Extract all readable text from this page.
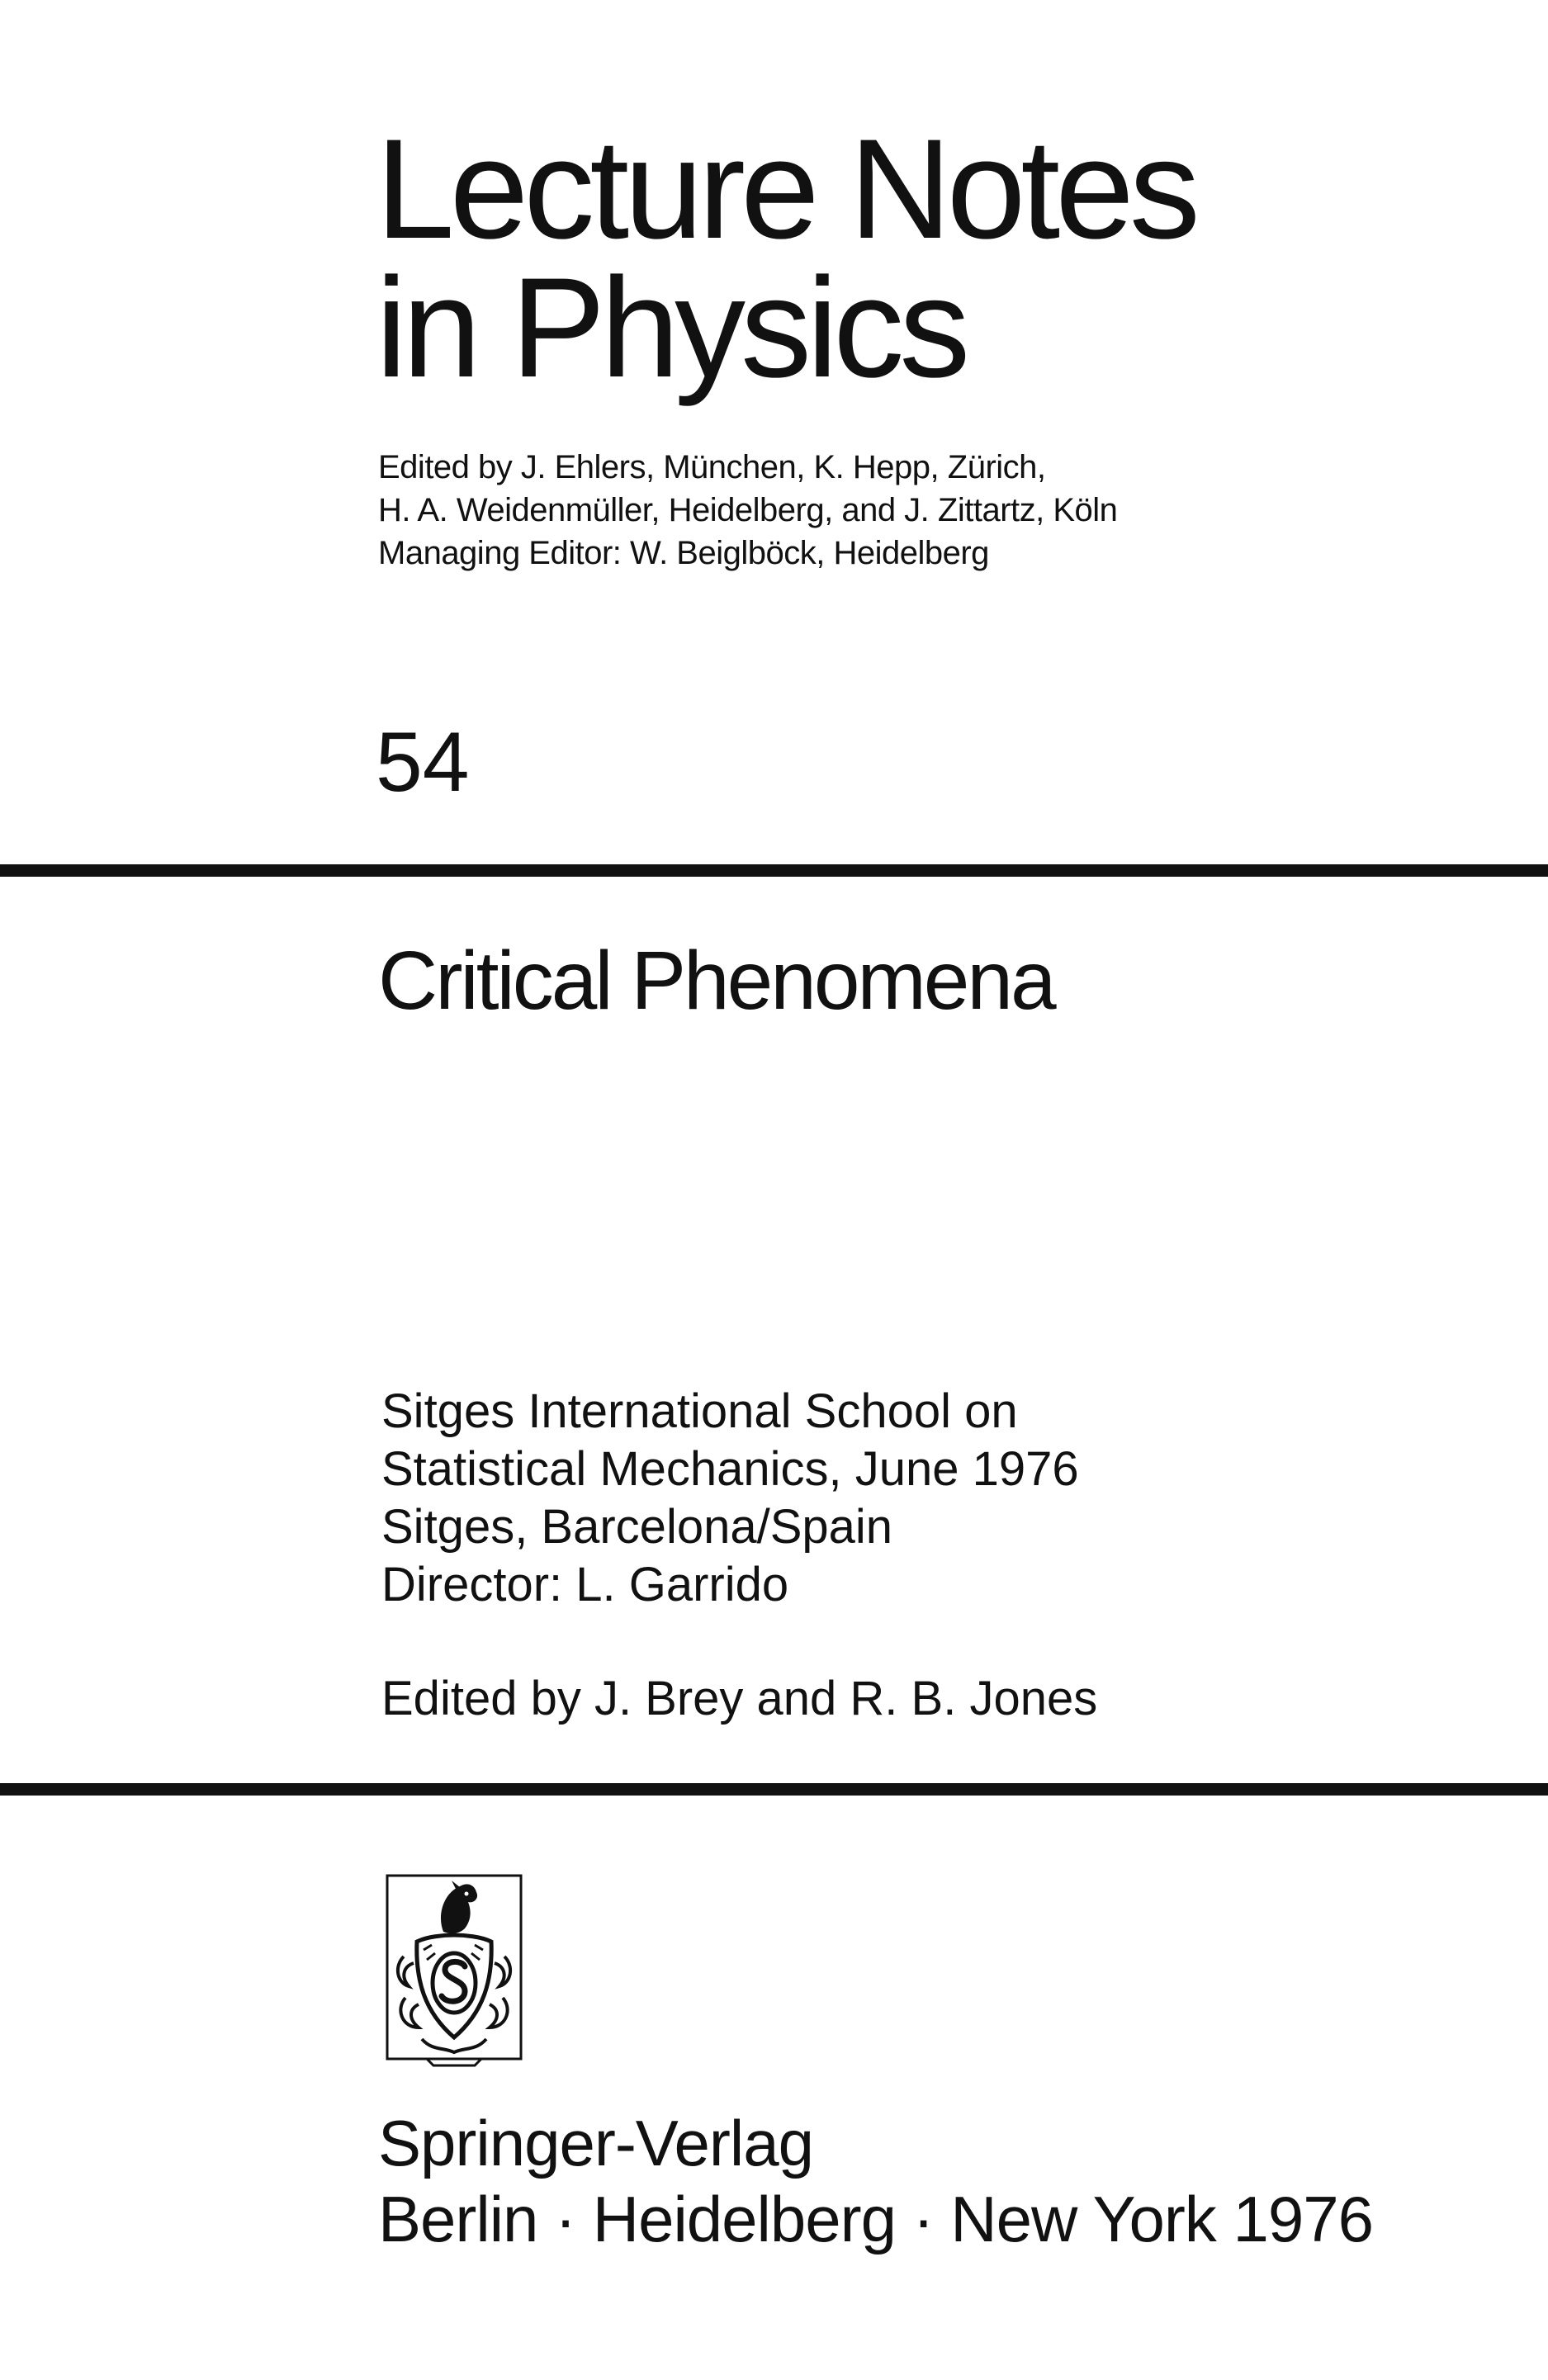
Lecture Notes
in Physics
Edited by J. Ehlers, München, K. Hepp, Zürich,
H. A. Weidenmüller, Heidelberg, and J. Zittartz, Köln
Managing Editor: W. Beiglböck, Heidelberg
54
Critical Phenomena
Sitges International School on
Statistical Mechanics, June 1976
Sitges, Barcelona/Spain
Director: L. Garrido
Edited by J. Brey and R. B. Jones
Springer-Verlag
Berlin · Heidelberg · New York 1976
